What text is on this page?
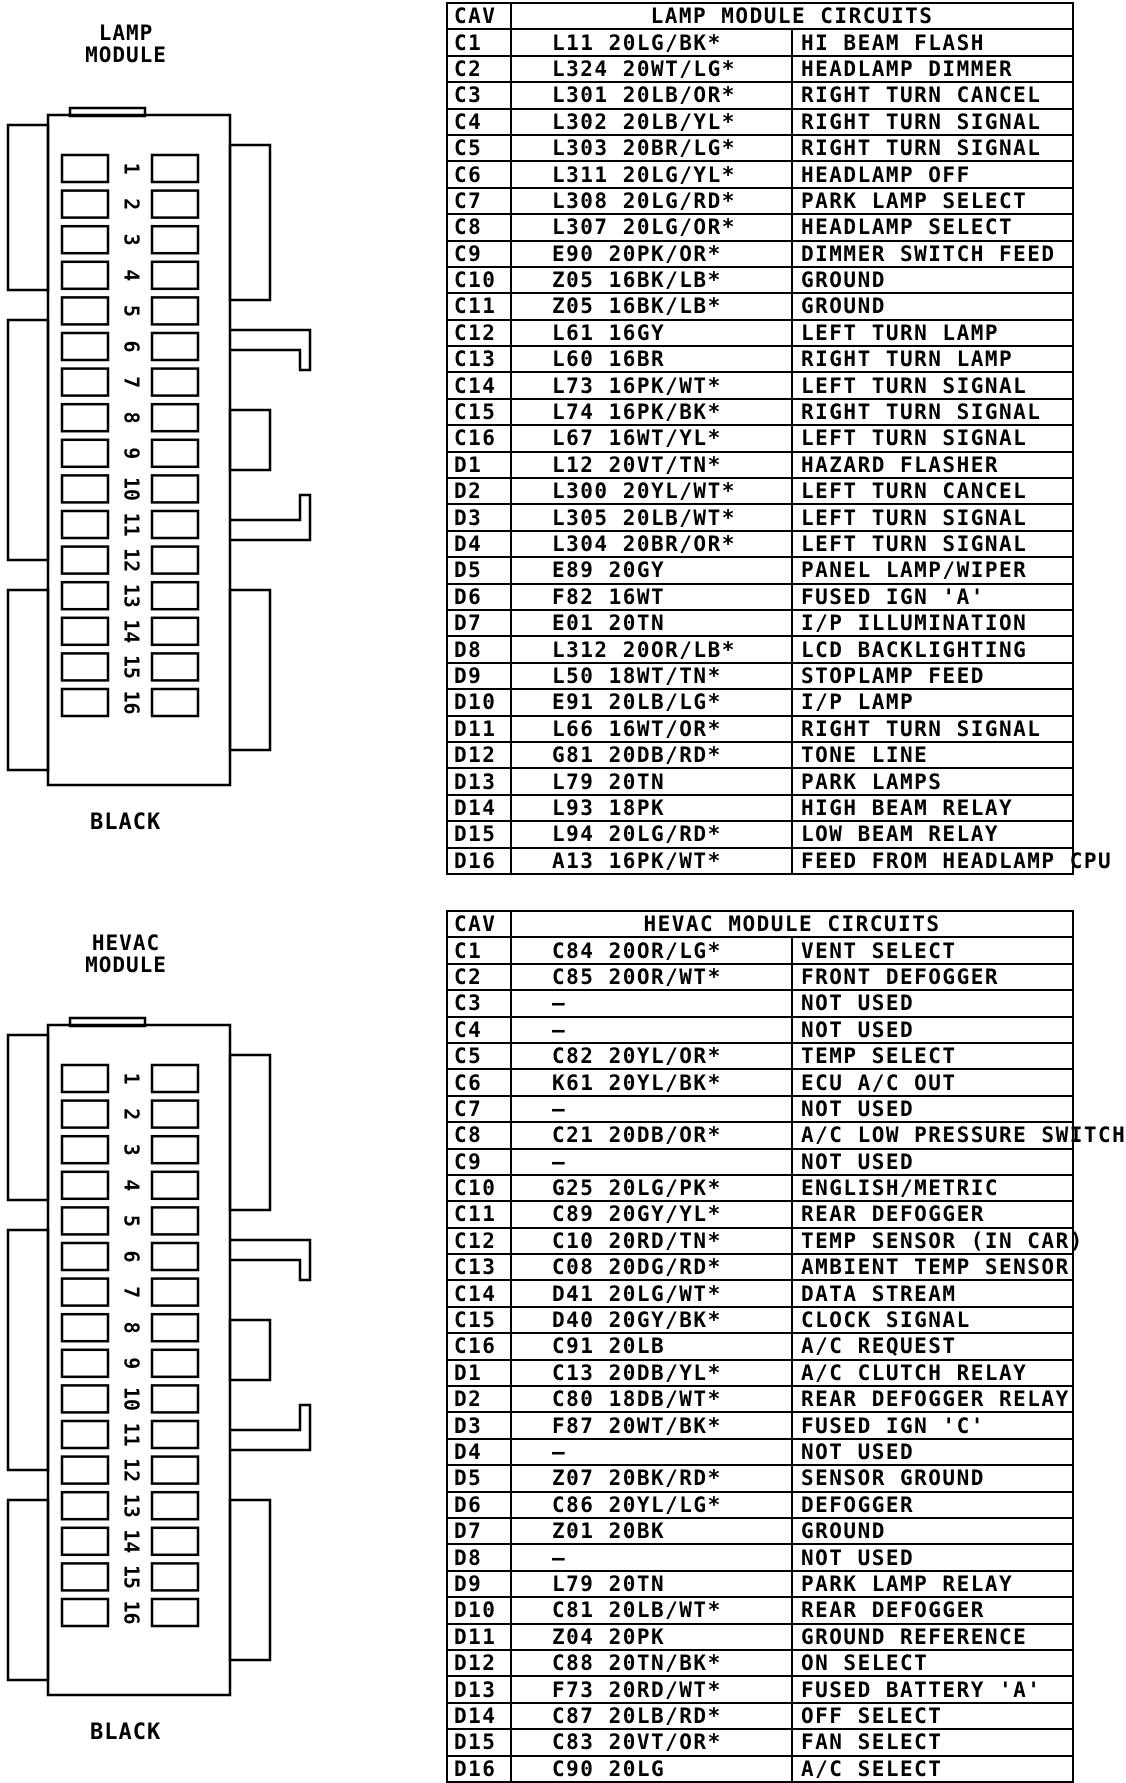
LAMP
MODULE
1
2
3
4
5
6
7
8
9
10
11
12
13
14
15
16
BLACK
CAV	LAMP MODULE CIRCUITS	
C1	L11 20LG/BK*	HI BEAM FLASH
C2	L324 20WT/LG*	HEADLAMP DIMMER
C3	L301 20LB/OR*	RIGHT TURN CANCEL
C4	L302 20LB/YL*	RIGHT TURN SIGNAL
C5	L303 20BR/LG*	RIGHT TURN SIGNAL
C6	L311 20LG/YL*	HEADLAMP OFF
C7	L308 20LG/RD*	PARK LAMP SELECT
C8	L307 20LG/OR*	HEADLAMP SELECT
C9	E90 20PK/OR*	DIMMER SWITCH FEED
C10	Z05 16BK/LB*	GROUND
C11	Z05 16BK/LB*	GROUND
C12	L61 16GY	LEFT TURN LAMP
C13	L60 16BR	RIGHT TURN LAMP
C14	L73 16PK/WT*	LEFT TURN SIGNAL
C15	L74 16PK/BK*	RIGHT TURN SIGNAL
C16	L67 16WT/YL*	LEFT TURN SIGNAL
D1	L12 20VT/TN*	HAZARD FLASHER
D2	L300 20YL/WT*	LEFT TURN CANCEL
D3	L305 20LB/WT*	LEFT TURN SIGNAL
D4	L304 20BR/OR*	LEFT TURN SIGNAL
D5	E89 20GY	PANEL LAMP/WIPER
D6	F82 16WT	FUSED IGN 'A'
D7	E01 20TN	I/P ILLUMINATION
D8	L312 20OR/LB*	LCD BACKLIGHTING
D9	L50 18WT/TN*	STOPLAMP FEED
D10	E91 20LB/LG*	I/P LAMP
D11	L66 16WT/OR*	RIGHT TURN SIGNAL
D12	G81 20DB/RD*	TONE LINE
D13	L79 20TN	PARK LAMPS
D14	L93 18PK	HIGH BEAM RELAY
D15	L94 20LG/RD*	LOW BEAM RELAY
D16	A13 16PK/WT*	FEED FROM HEADLAMP CPU
HEVAC
MODULE
1
2
3
4
5
6
7
8
9
10
11
12
13
14
15
16
BLACK
CAV	HEVAC MODULE CIRCUITS	
C1	C84 20OR/LG*	VENT SELECT
C2	C85 20OR/WT*	FRONT DEFOGGER
C3	—	NOT USED
C4	—	NOT USED
C5	C82 20YL/OR*	TEMP SELECT
C6	K61 20YL/BK*	ECU A/C OUT
C7	—	NOT USED
C8	C21 20DB/OR*	A/C LOW PRESSURE SWITCH
C9	—	NOT USED
C10	G25 20LG/PK*	ENGLISH/METRIC
C11	C89 20GY/YL*	REAR DEFOGGER
C12	C10 20RD/TN*	TEMP SENSOR (IN CAR)
C13	C08 20DG/RD*	AMBIENT TEMP SENSOR
C14	D41 20LG/WT*	DATA STREAM
C15	D40 20GY/BK*	CLOCK SIGNAL
C16	C91 20LB	A/C REQUEST
D1	C13 20DB/YL*	A/C CLUTCH RELAY
D2	C80 18DB/WT*	REAR DEFOGGER RELAY
D3	F87 20WT/BK*	FUSED IGN 'C'
D4	—	NOT USED
D5	Z07 20BK/RD*	SENSOR GROUND
D6	C86 20YL/LG*	DEFOGGER
D7	Z01 20BK	GROUND
D8	—	NOT USED
D9	L79 20TN	PARK LAMP RELAY
D10	C81 20LB/WT*	REAR DEFOGGER
D11	Z04 20PK	GROUND REFERENCE
D12	C88 20TN/BK*	ON SELECT
D13	F73 20RD/WT*	FUSED BATTERY 'A'
D14	C87 20LB/RD*	OFF SELECT
D15	C83 20VT/OR*	FAN SELECT
D16	C90 20LG	A/C SELECT
